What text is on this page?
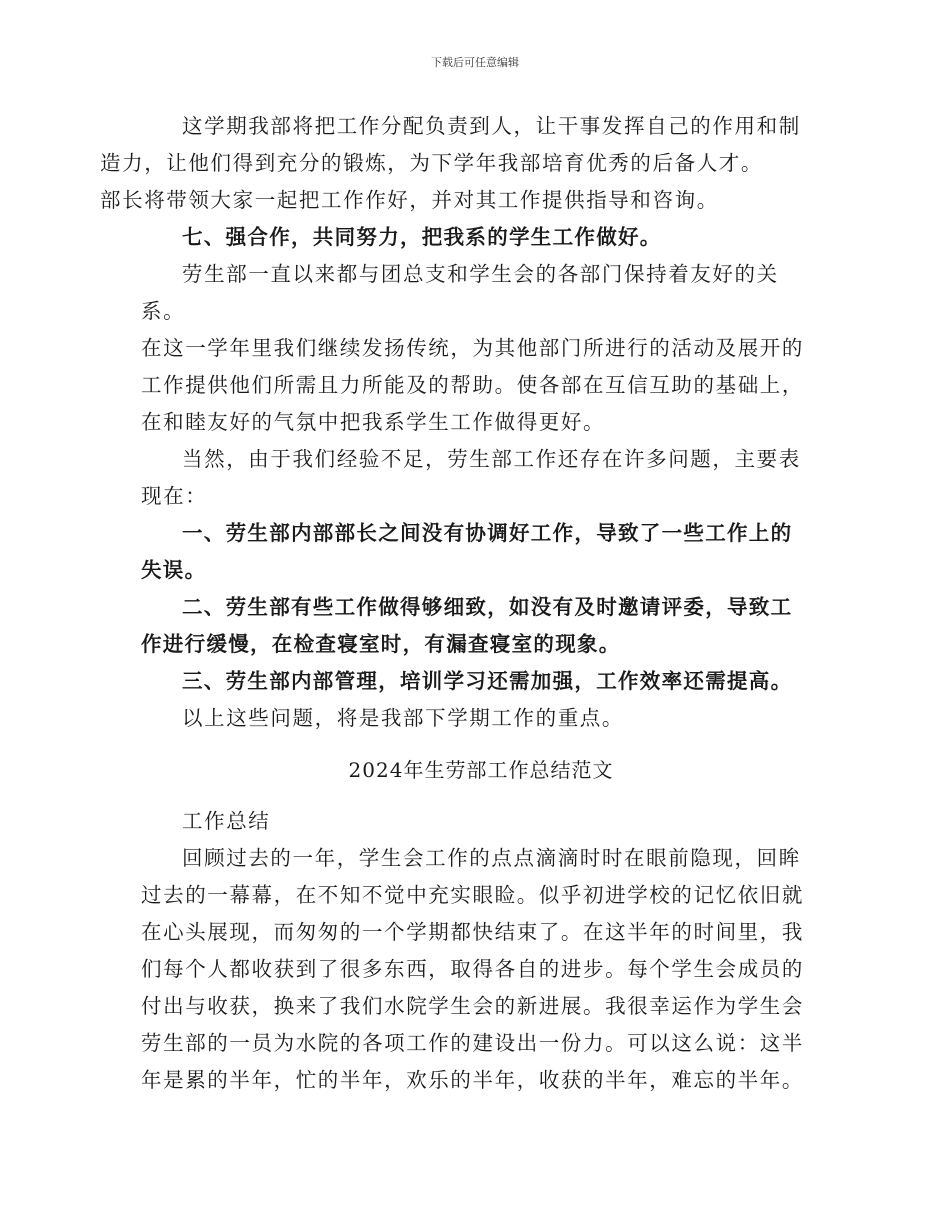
下载后可任意编辑

这学期我部将把工作分配负责到人，让干事发挥自己的作用和制
造力，让他们得到充分的锻炼，为下学年我部培育优秀的后备人才。
部长将带领大家一起把工作作好，并对其工作提供指导和咨询。

七、强合作，共同努力，把我系的学生工作做好。

劳生部一直以来都与团总支和学生会的各部门保持着友好的关系。
在这一学年里我们继续发扬传统，为其他部门所进行的活动及展开的
工作提供他们所需且力所能及的帮助。使各部在互信互助的基础上，
在和睦友好的气氛中把我系学生工作做得更好。

当然，由于我们经验不足，劳生部工作还存在许多问题，主要表
现在：

一、劳生部内部部长之间没有协调好工作，导致了一些工作上的
失误。

二、劳生部有些工作做得够细致，如没有及时邀请评委，导致工
作进行缓慢，在检查寝室时，有漏查寝室的现象。

三、劳生部内部管理，培训学习还需加强，工作效率还需提高。

以上这些问题，将是我部下学期工作的重点。

2024年生劳部工作总结范文

工作总结

回顾过去的一年，学生会工作的点点滴滴时时在眼前隐现，回眸
过去的一幕幕，在不知不觉中充实眼睑。似乎初进学校的记忆依旧就
在心头展现，而匆匆的一个学期都快结束了。在这半年的时间里，我
们每个人都收获到了很多东西，取得各自的进步。每个学生会成员的
付出与收获，换来了我们水院学生会的新进展。我很幸运作为学生会
劳生部的一员为水院的各项工作的建设出一份力。可以这么说：这半
年是累的半年，忙的半年，欢乐的半年，收获的半年，难忘的半年。
